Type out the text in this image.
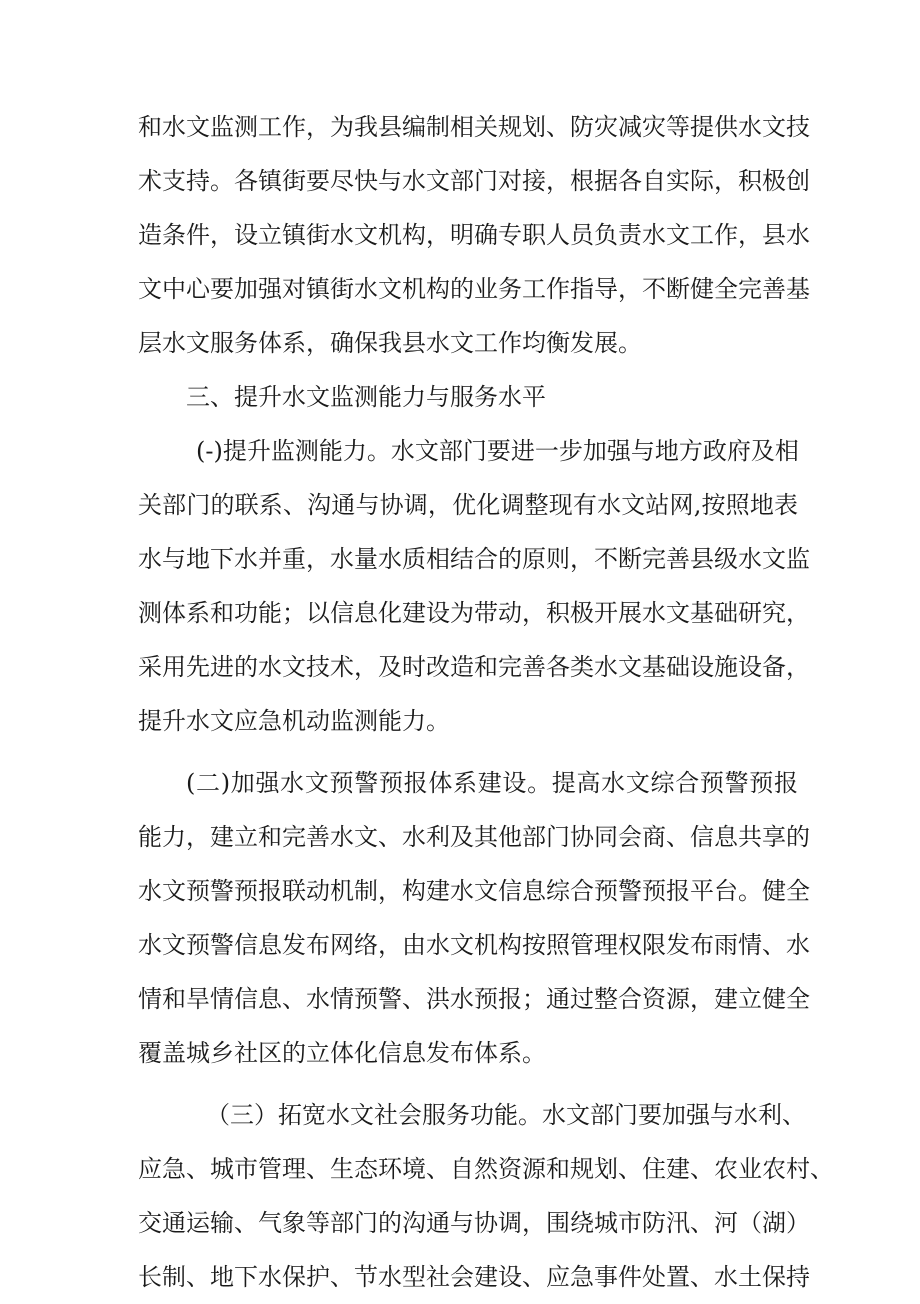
和水文监测工作，为我县编制相关规划、防灾减灾等提供水文技
术支持。各镇街要尽快与水文部门对接，根据各自实际，积极创
造条件，设立镇街水文机构，明确专职人员负责水文工作，县水
文中心要加强对镇街水文机构的业务工作指导，不断健全完善基
层水文服务体系，确保我县水文工作均衡发展。
三、提升水文监测能力与服务水平
(-)提升监测能力。水文部门要进一步加强与地方政府及相
关部门的联系、沟通与协调，优化调整现有水文站网,按照地表
水与地下水并重，水量水质相结合的原则，不断完善县级水文监
测体系和功能；以信息化建设为带动，积极开展水文基础研究，
采用先进的水文技术，及时改造和完善各类水文基础设施设备，
提升水文应急机动监测能力。
(二)加强水文预警预报体系建设。提高水文综合预警预报
能力，建立和完善水文、水利及其他部门协同会商、信息共享的
水文预警预报联动机制，构建水文信息综合预警预报平台。健全
水文预警信息发布网络，由水文机构按照管理权限发布雨情、水
情和旱情信息、水情预警、洪水预报；通过整合资源，建立健全
覆盖城乡社区的立体化信息发布体系。
（三）拓宽水文社会服务功能。水文部门要加强与水利、
应急、城市管理、生态环境、自然资源和规划、住建、农业农村、
交通运输、气象等部门的沟通与协调，围绕城市防汛、河（湖）
长制、地下水保护、节水型社会建设、应急事件处置、水土保持
